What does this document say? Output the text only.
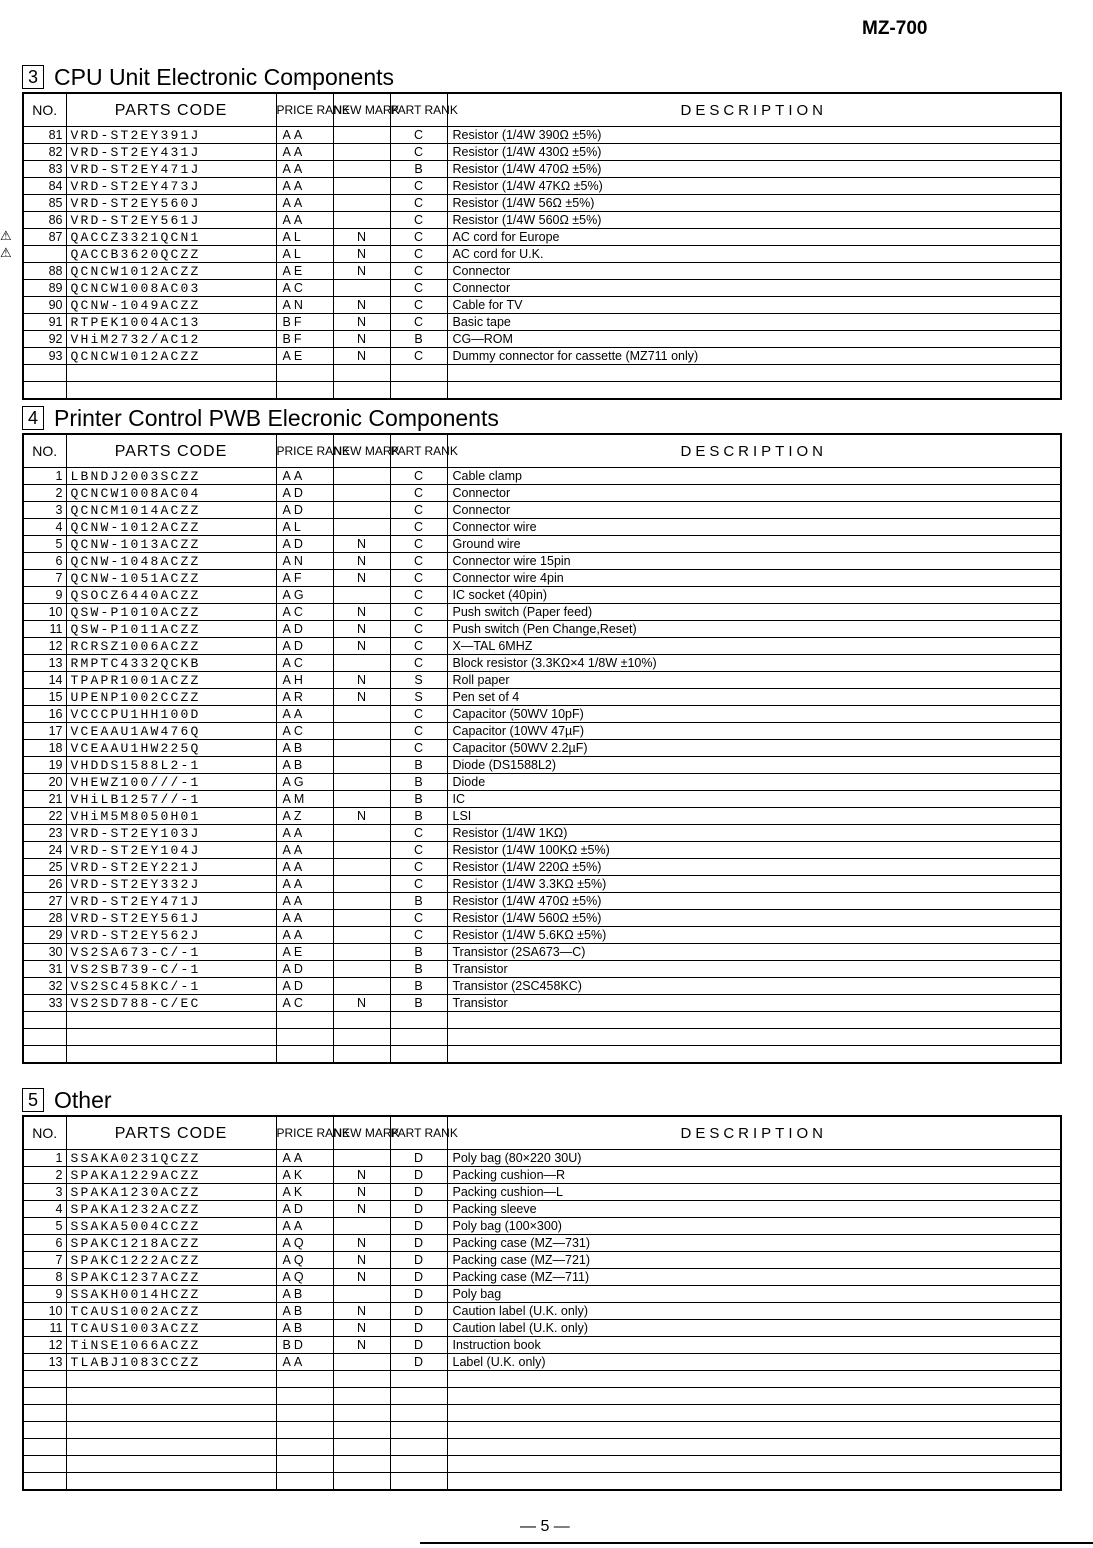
MZ-700
3 CPU Unit Electronic Components
⚠
⚠
NO.	PARTS CODE	PRICE RANK	NEW MARK	PART RANK	DESCRIPTION
81	VRD-ST2EY391J	AA		C	Resistor (1/4W 390Ω ±5%)
82	VRD-ST2EY431J	AA		C	Resistor (1/4W 430Ω ±5%)
83	VRD-ST2EY471J	AA		B	Resistor (1/4W 470Ω ±5%)
84	VRD-ST2EY473J	AA		C	Resistor (1/4W 47KΩ ±5%)
85	VRD-ST2EY560J	AA		C	Resistor (1/4W 56Ω ±5%)
86	VRD-ST2EY561J	AA		C	Resistor (1/4W 560Ω ±5%)
87	QACCZ3321QCN1	AL	N	C	AC cord for Europe
	QACCB3620QCZZ	AL	N	C	AC cord for U.K.
88	QCNCW1012ACZZ	AE	N	C	Connector
89	QCNCW1008AC03	AC		C	Connector
90	QCNW-1049ACZZ	AN	N	C	Cable for TV
91	RTPEK1004AC13	BF	N	C	Basic tape
92	VHiM2732/AC12	BF	N	B	CG—ROM
93	QCNCW1012ACZZ	AE	N	C	Dummy connector for cassette (MZ711 only)

4 Printer Control PWB Elecronic Components
NO.	PARTS CODE	PRICE RANK	NEW MARK	PART RANK	DESCRIPTION
1	LBNDJ2003SCZZ	AA		C	Cable clamp
2	QCNCW1008AC04	AD		C	Connector
3	QCNCM1014ACZZ	AD		C	Connector
4	QCNW-1012ACZZ	AL		C	Connector wire
5	QCNW-1013ACZZ	AD	N	C	Ground wire
6	QCNW-1048ACZZ	AN	N	C	Connector wire 15pin
7	QCNW-1051ACZZ	AF	N	C	Connector wire 4pin
9	QSOCZ6440ACZZ	AG		C	IC socket (40pin)
10	QSW-P1010ACZZ	AC	N	C	Push switch (Paper feed)
11	QSW-P1011ACZZ	AD	N	C	Push switch (Pen Change,Reset)
12	RCRSZ1006ACZZ	AD	N	C	X—TAL 6MHZ
13	RMPTC4332QCKB	AC		C	Block resistor (3.3KΩ×4 1/8W ±10%)
14	TPAPR1001ACZZ	AH	N	S	Roll paper
15	UPENP1002CCZZ	AR	N	S	Pen set of 4
16	VCCCPU1HH100D	AA		C	Capacitor (50WV 10pF)
17	VCEAAU1AW476Q	AC		C	Capacitor (10WV 47µF)
18	VCEAAU1HW225Q	AB		C	Capacitor (50WV 2.2µF)
19	VHDDS1588L2-1	AB		B	Diode (DS1588L2)
20	VHEWZ100///-1	AG		B	Diode
21	VHiLB1257//-1	AM		B	IC
22	VHiM5M8050H01	AZ	N	B	LSI
23	VRD-ST2EY103J	AA		C	Resistor (1/4W 1KΩ)
24	VRD-ST2EY104J	AA		C	Resistor (1/4W 100KΩ ±5%)
25	VRD-ST2EY221J	AA		C	Resistor (1/4W 220Ω ±5%)
26	VRD-ST2EY332J	AA		C	Resistor (1/4W 3.3KΩ ±5%)
27	VRD-ST2EY471J	AA		B	Resistor (1/4W 470Ω ±5%)
28	VRD-ST2EY561J	AA		C	Resistor (1/4W 560Ω ±5%)
29	VRD-ST2EY562J	AA		C	Resistor (1/4W 5.6KΩ ±5%)
30	VS2SA673-C/-1	AE		B	Transistor (2SA673—C)
31	VS2SB739-C/-1	AD		B	Transistor
32	VS2SC458KC/-1	AD		B	Transistor (2SC458KC)
33	VS2SD788-C/EC	AC	N	B	Transistor

5 Other
NO.	PARTS CODE	PRICE RANK	NEW MARK	PART RANK	DESCRIPTION
1	SSAKA0231QCZZ	AA		D	Poly bag (80×220 30U)
2	SPAKA1229ACZZ	AK	N	D	Packing cushion—R
3	SPAKA1230ACZZ	AK	N	D	Packing cushion—L
4	SPAKA1232ACZZ	AD	N	D	Packing sleeve
5	SSAKA5004CCZZ	AA		D	Poly bag (100×300)
6	SPAKC1218ACZZ	AQ	N	D	Packing case (MZ—731)
7	SPAKC1222ACZZ	AQ	N	D	Packing case (MZ—721)
8	SPAKC1237ACZZ	AQ	N	D	Packing case (MZ—711)
9	SSAKH0014HCZZ	AB		D	Poly bag
10	TCAUS1002ACZZ	AB	N	D	Caution label (U.K. only)
11	TCAUS1003ACZZ	AB	N	D	Caution label (U.K. only)
12	TiNSE1066ACZZ	BD	N	D	Instruction book
13	TLABJ1083CCZZ	AA		D	Label (U.K. only)

— 5 —
